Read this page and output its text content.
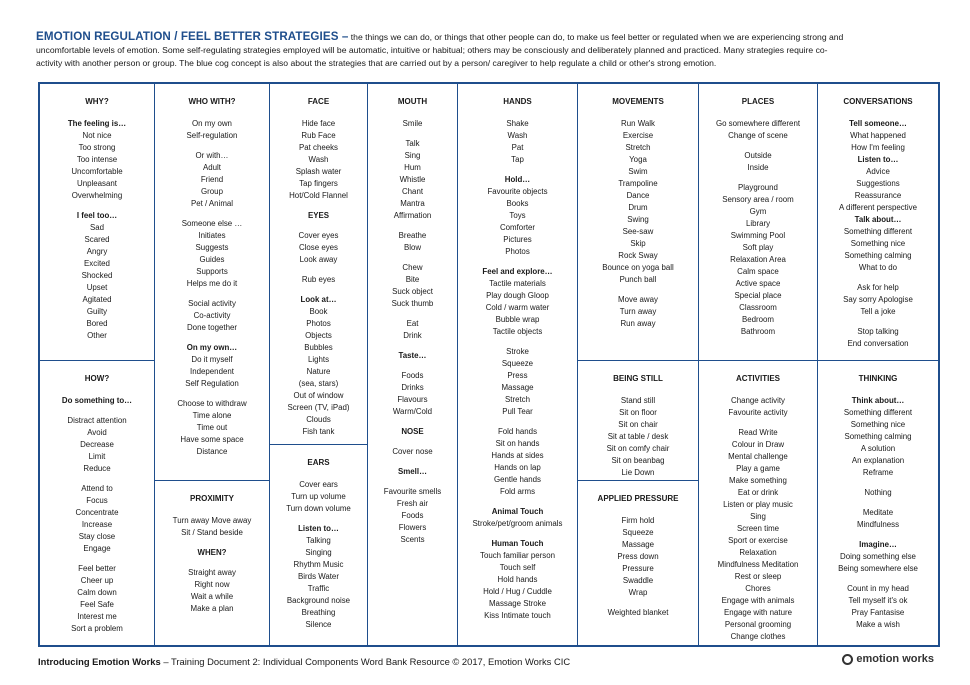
EMOTION REGULATION / FEEL BETTER STRATEGIES – the things we can do, or things that other people can do, to make us feel better or regulated when we are experiencing strong and
uncomfortable levels of emotion. Some self-regulating strategies employed will be automatic, intuitive or habitual; others may be consciously and deliberately planned and practiced. Many strategies require co-
activity with another person or group. The blue cog concept is also about the strategies that are carried out by a person/ caregiver to help regulate a child or other's strong emotion.
WHY?
The feeling is…
Not nice
Too strong
Too intense
Uncomfortable
Unpleasant
Overwhelming
I feel too…
Sad
Scared
Angry
Excited
Shocked
Upset
Agitated
Guilty
Bored
Other
HOW?
Do something to…
Distract attention
Avoid
Decrease
Limit
Reduce
Attend to
Focus
Concentrate
Increase
Stay close
Engage
Feel better
Cheer up
Calm down
Feel Safe
Interest me
Sort a problem
WHO WITH?
On my own
Self-regulation
Or with…
Adult
Friend
Group
Pet / Animal
Someone else …
Initiates
Suggests
Guides
Supports
Helps me do it
Social activity
Co-activity
Done together
On my own…
Do it myself
Independent
Self Regulation
Choose to withdraw
Time alone
Time out
Have some space
Distance
PROXIMITY
Turn away Move away
Sit / Stand beside
WHEN?
Straight away
Right now
Wait a while
Make a plan
FACE
Hide face
Rub Face
Pat cheeks
Wash
Splash water
Tap fingers
Hot/Cold Flannel
EYES
Cover eyes
Close eyes
Look away
Rub eyes
Look at…
Book
Photos
Objects
Bubbles
Lights
Nature
(sea, stars)
Out of window
Screen (TV, iPad)
Clouds
Fish tank
EARS
Cover ears
Turn up volume
Turn down volume
Listen to…
Talking
Singing
Rhythm Music
Birds Water
Traffic
Background noise
Breathing
Silence
MOUTH
Smile
Talk
Sing
Hum
Whistle
Chant
Mantra
Affirmation
Breathe
Blow
Chew
Bite
Suck object
Suck thumb
Eat
Drink
Taste…
Foods
Drinks
Flavours
Warm/Cold
NOSE
Cover nose
Smell…
Favourite smells
Fresh air
Foods
Flowers
Scents
HANDS
Shake
Wash
Pat
Tap
Hold…
Favourite objects
Books
Toys
Comforter
Pictures
Photos
Feel and explore…
Tactile materials
Play dough Gloop
Cold / warm water
Bubble wrap
Tactile objects
Stroke
Squeeze
Press
Massage
Stretch
Pull Tear
Fold hands
Sit on hands
Hands at sides
Hands on lap
Gentle hands
Fold arms
Animal Touch
Stroke/pet/groom animals
Human Touch
Touch familiar person
Touch self
Hold hands
Hold / Hug / Cuddle
Massage Stroke
Kiss Intimate touch
MOVEMENTS
Run Walk
Exercise
Stretch
Yoga
Swim
Trampoline
Dance
Drum
Swing
See-saw
Skip
Rock Sway
Bounce on yoga ball
Punch ball
Move away
Turn away
Run away
BEING STILL
Stand still
Sit on floor
Sit on chair
Sit at table / desk
Sit on comfy chair
Sit on beanbag
Lie Down
APPLIED PRESSURE
Firm hold
Squeeze
Massage
Press down
Pressure
Swaddle
Wrap
Weighted blanket
PLACES
Go somewhere different
Change of scene
Outside
Inside
Playground
Sensory area / room
Gym
Library
Swimming Pool
Soft play
Relaxation Area
Calm space
Active space
Special place
Classroom
Bedroom
Bathroom
ACTIVITIES
Change activity
Favourite activity
Read Write
Colour in Draw
Mental challenge
Play a game
Make something
Eat or drink
Listen or play music
Sing
Screen time
Sport or exercise
Relaxation
Mindfulness Meditation
Rest or sleep
Chores
Engage with animals
Engage with nature
Personal grooming
Change clothes
CONVERSATIONS
Tell someone…
What happened
How I'm feeling
Listen to…
Advice
Suggestions
Reassurance
A different perspective
Talk about…
Something different
Something nice
Something calming
What to do
Ask for help
Say sorry Apologise
Tell a joke
Stop talking
End conversation
THINKING
Think about…
Something different
Something nice
Something calming
A solution
An explanation
Reframe
Nothing
Meditate
Mindfulness
Imagine…
Doing something else
Being somewhere else
Count in my head
Tell myself it's ok
Pray Fantasise
Make a wish
Introducing Emotion Works – Training Document 2: Individual Components Word Bank Resource © 2017, Emotion Works CIC	emotion works
